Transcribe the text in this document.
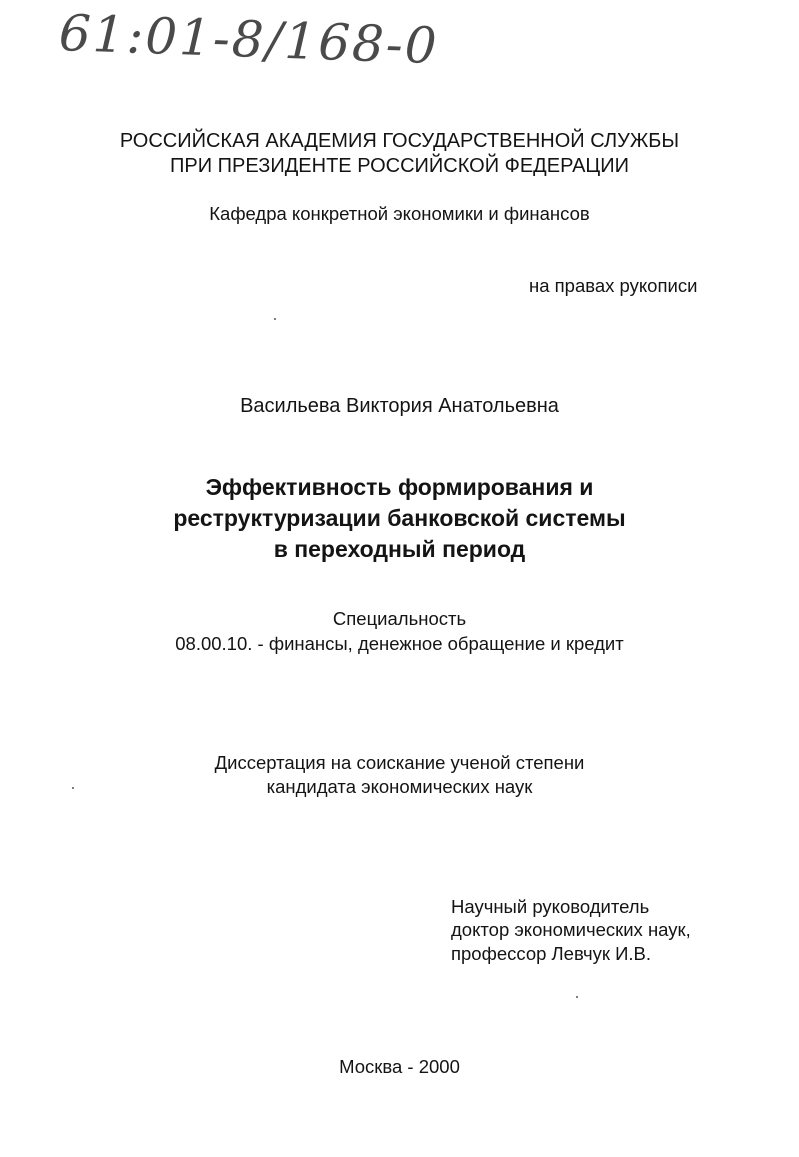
61:01-8/168-0
РОССИЙСКАЯ АКАДЕМИЯ ГОСУДАРСТВЕННОЙ СЛУЖБЫ
ПРИ ПРЕЗИДЕНТЕ РОССИЙСКОЙ ФЕДЕРАЦИИ
Кафедра конкретной экономики и финансов
на правах рукописи
Васильева Виктория Анатольевна
Эффективность формирования и
реструктуризации банковской системы
в переходный период
Специальность
08.00.10. - финансы, денежное обращение и кредит
Диссертация на соискание ученой степени
кандидата экономических наук
Научный руководитель
доктор экономических наук,
профессор Левчук И.В.
Москва - 2000
